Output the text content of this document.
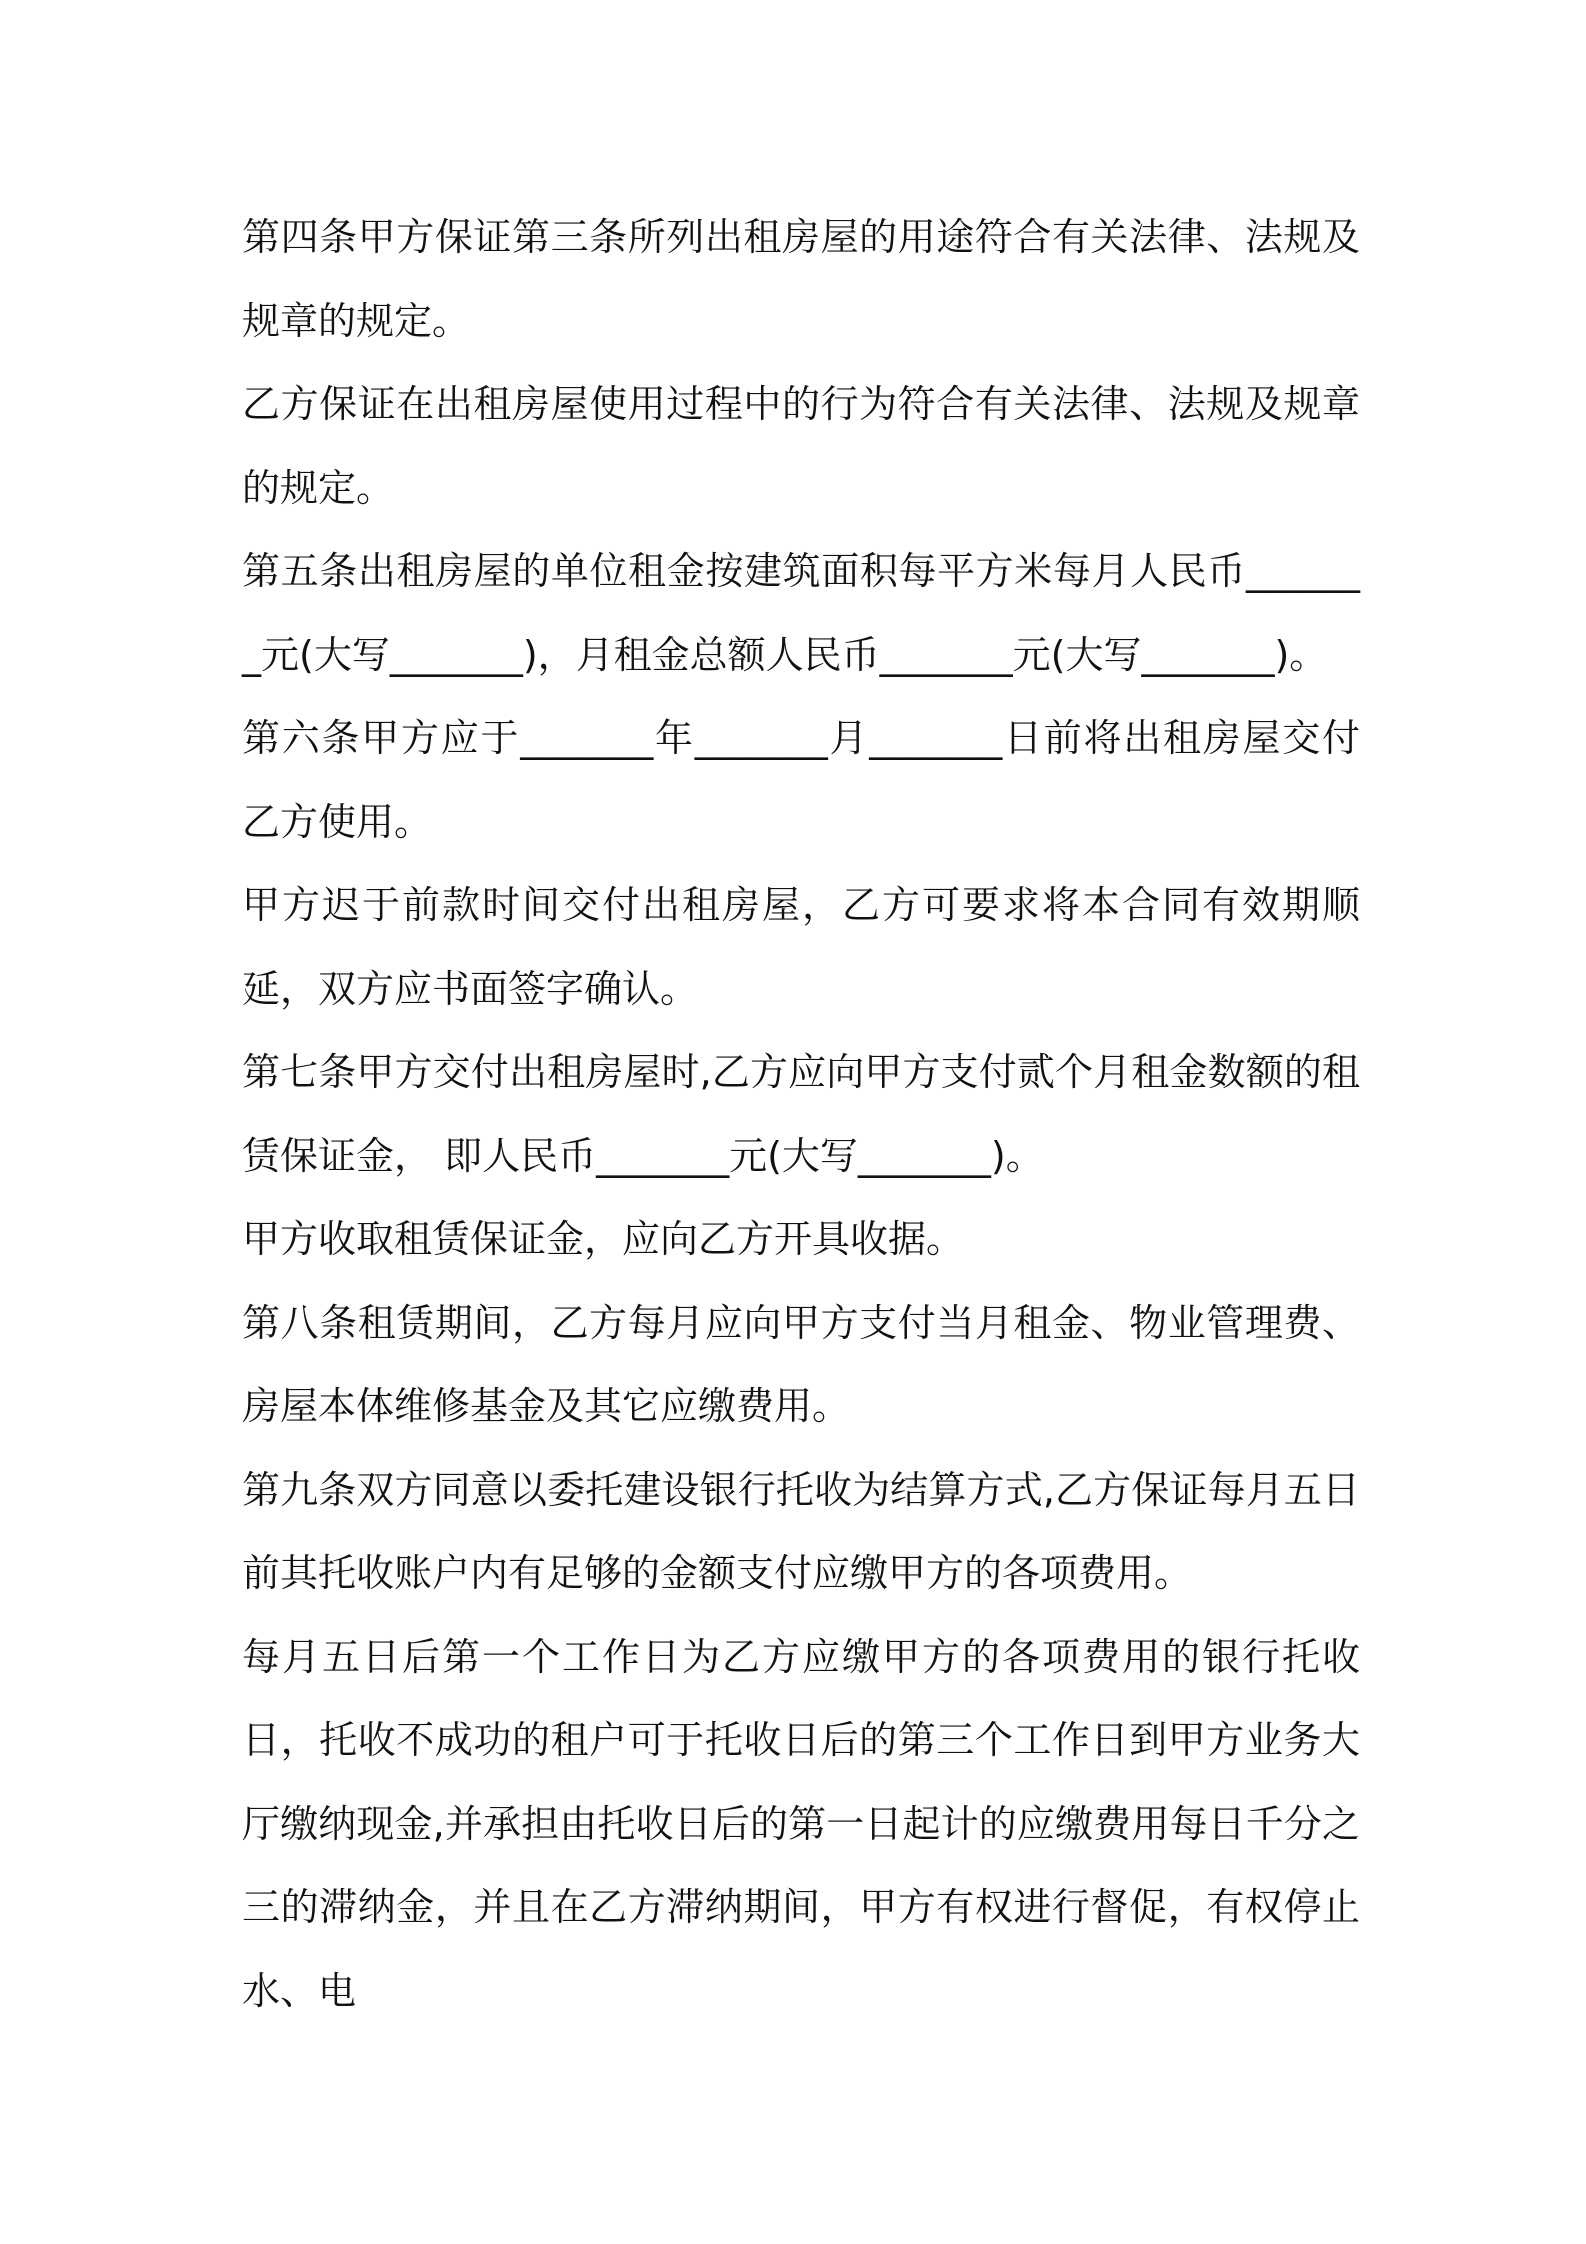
第四条甲方保证第三条所列出租房屋的用途符合有关法律、法规及规章的规定。

乙方保证在出租房屋使用过程中的行为符合有关法律、法规及规章的规定。

第五条出租房屋的单位租金按建筑面积每平方米每月人民币_______元(大写_______)，月租金总额人民币_______元(大写_______)。

第六条甲方应于_______年_______月_______日前将出租房屋交付乙方使用。

甲方迟于前款时间交付出租房屋，乙方可要求将本合同有效期顺延，双方应书面签字确认。

第七条甲方交付出租房屋时,乙方应向甲方支付贰个月租金数额的租赁保证金， 即人民币_______元(大写_______)。

甲方收取租赁保证金，应向乙方开具收据。

第八条租赁期间，乙方每月应向甲方支付当月租金、物业管理费、房屋本体维修基金及其它应缴费用。

第九条双方同意以委托建设银行托收为结算方式,乙方保证每月五日前其托收账户内有足够的金额支付应缴甲方的各项费用。

每月五日后第一个工作日为乙方应缴甲方的各项费用的银行托收日，托收不成功的租户可于托收日后的第三个工作日到甲方业务大厅缴纳现金,并承担由托收日后的第一日起计的应缴费用每日千分之三的滞纳金，并且在乙方滞纳期间，甲方有权进行督促，有权停止水、电
